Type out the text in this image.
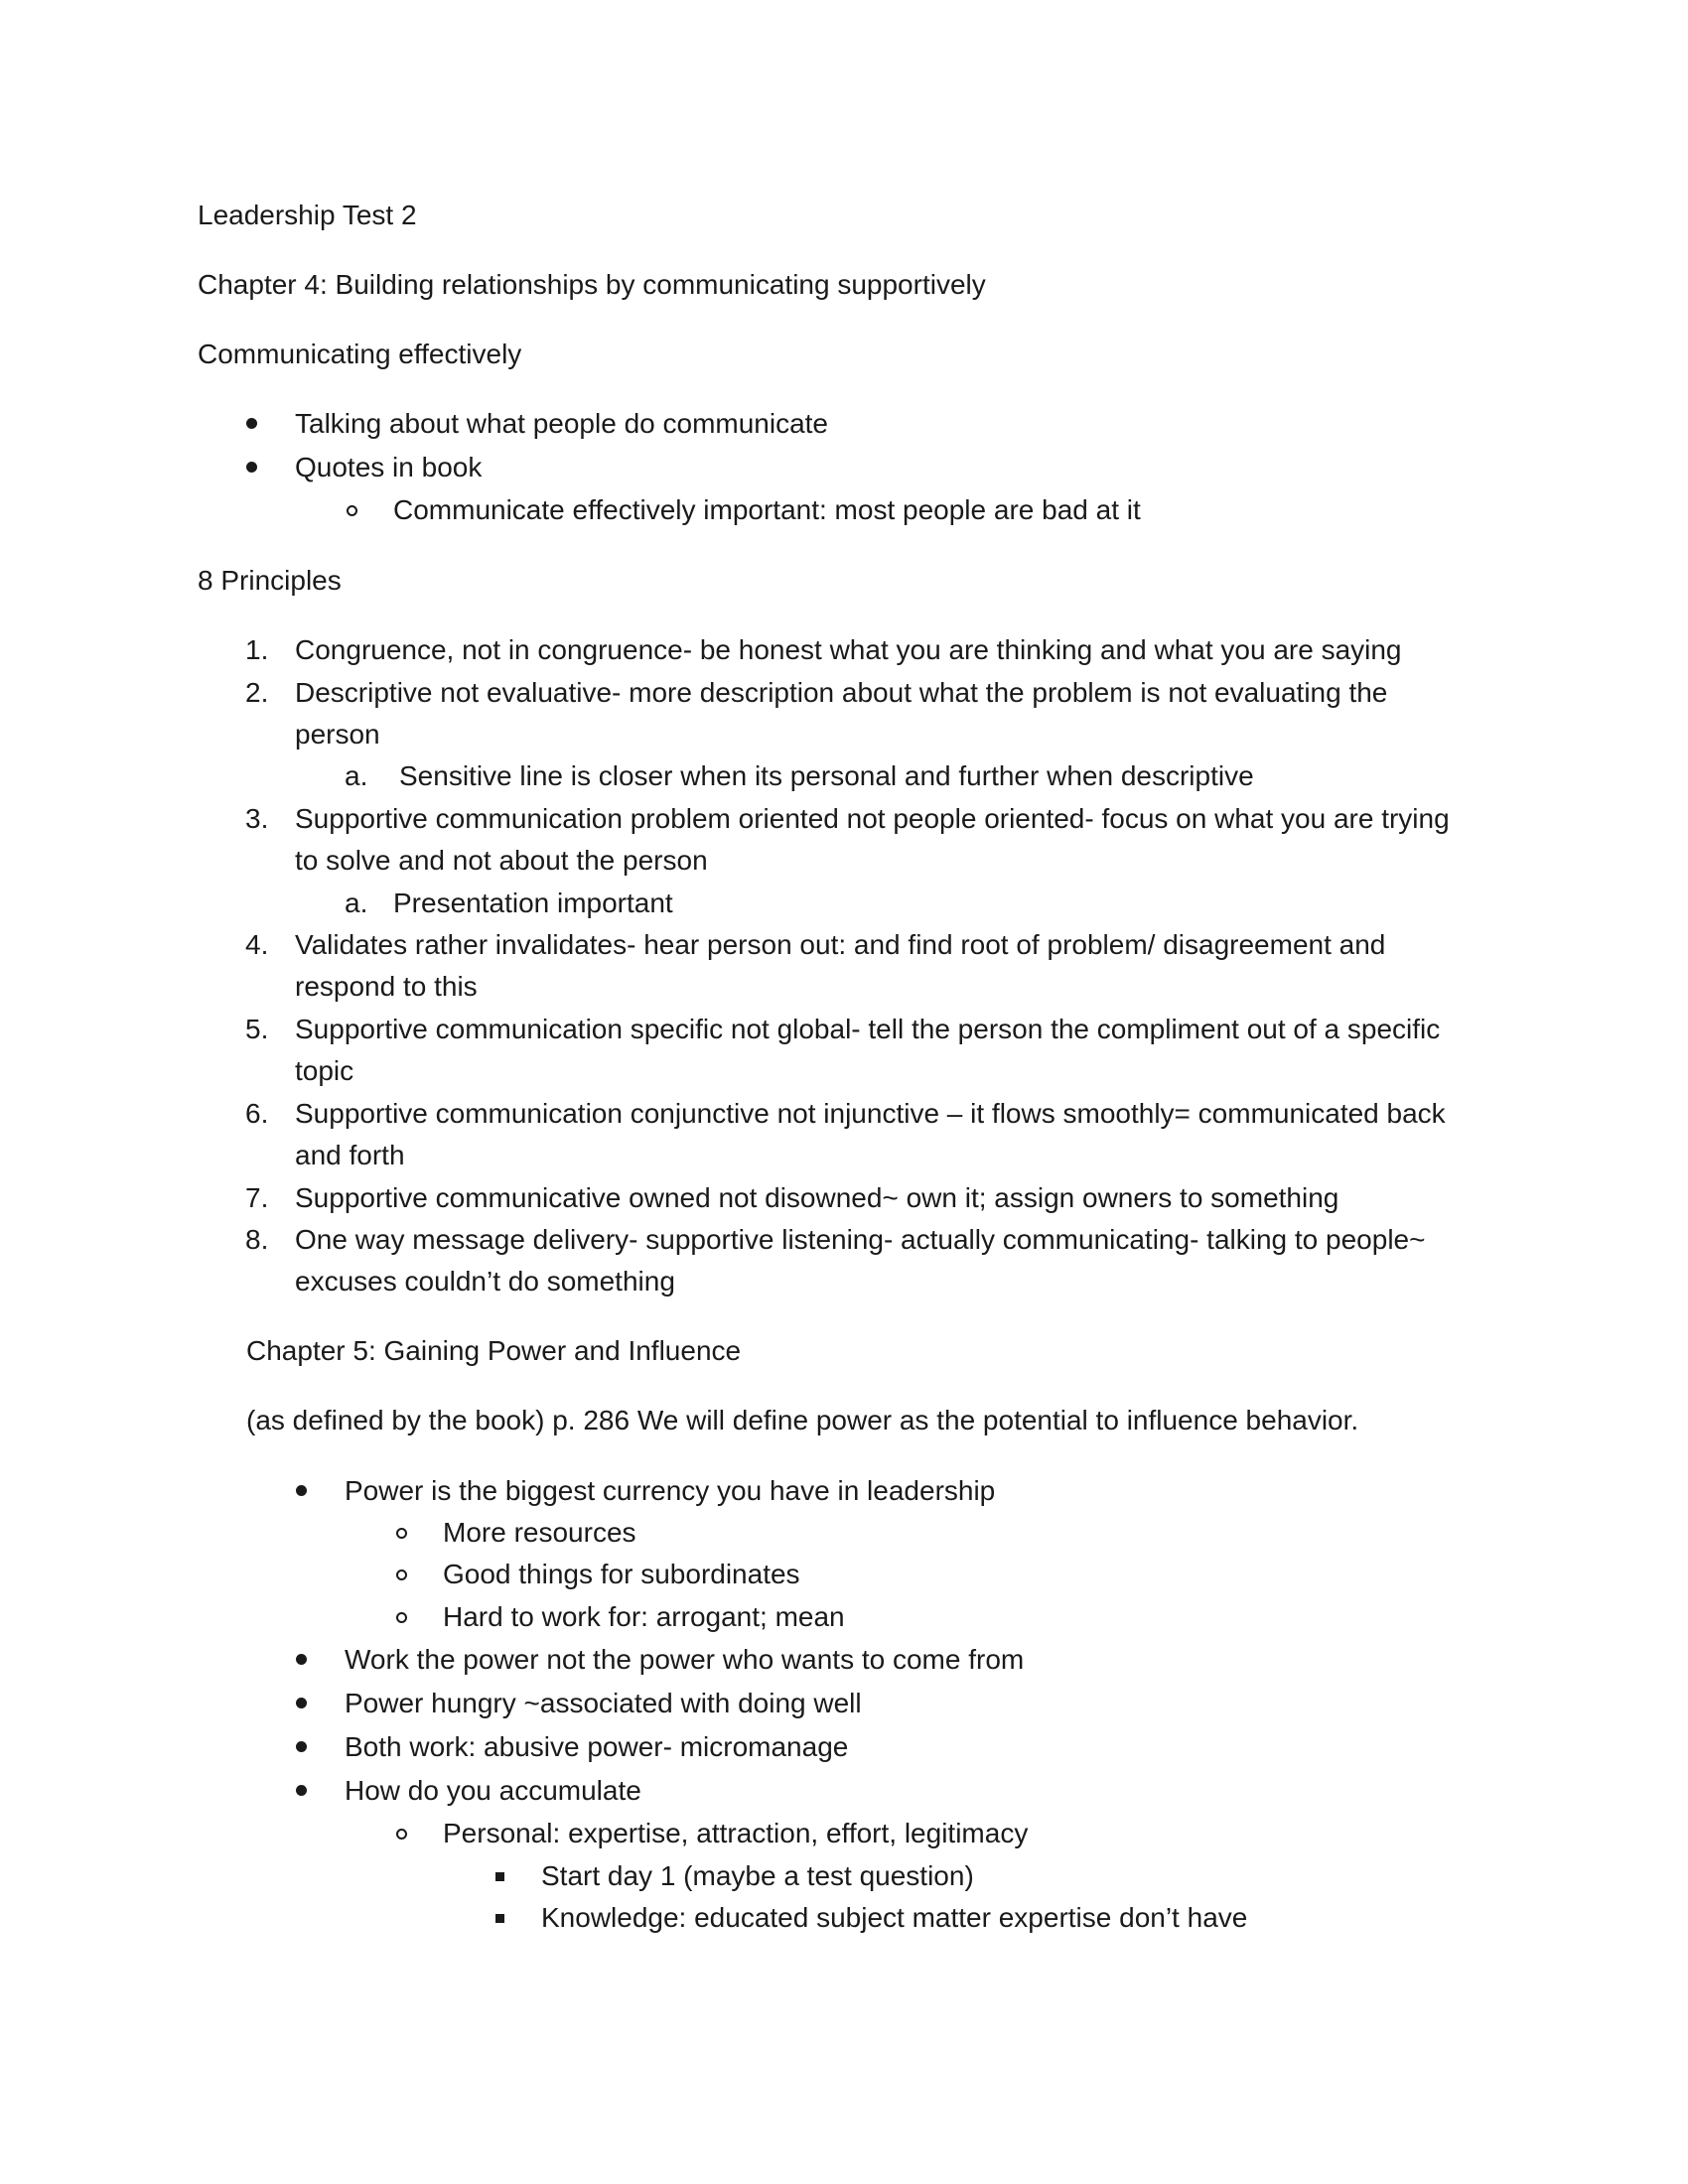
Leadership Test 2
Chapter 4: Building relationships by communicating supportively
Communicating effectively
Talking about what people do communicate
Quotes in book
Communicate effectively important: most people are bad at it
8 Principles
1. Congruence, not in congruence- be honest what you are thinking and what you are saying
2. Descriptive not evaluative- more description about what the problem is not evaluating the
person
a. Sensitive line is closer when its personal and further when descriptive
3. Supportive communication problem oriented not people oriented- focus on what you are trying
to solve and not about the person
a. Presentation important
4. Validates rather invalidates- hear person out: and find root of problem/ disagreement and
respond to this
5. Supportive communication specific not global- tell the person the compliment out of a specific
topic
6. Supportive communication conjunctive not injunctive – it flows smoothly= communicated back
and forth
7. Supportive communicative owned not disowned~ own it; assign owners to something
8. One way message delivery- supportive listening- actually communicating- talking to people~
excuses couldn’t do something
Chapter 5: Gaining Power and Influence
(as defined by the book) p. 286 We will define power as the potential to influence behavior.
Power is the biggest currency you have in leadership
More resources
Good things for subordinates
Hard to work for: arrogant; mean
Work the power not the power who wants to come from
Power hungry ~associated with doing well
Both work: abusive power- micromanage
How do you accumulate
Personal: expertise, attraction, effort, legitimacy
Start day 1 (maybe a test question)
Knowledge: educated subject matter expertise don’t have
